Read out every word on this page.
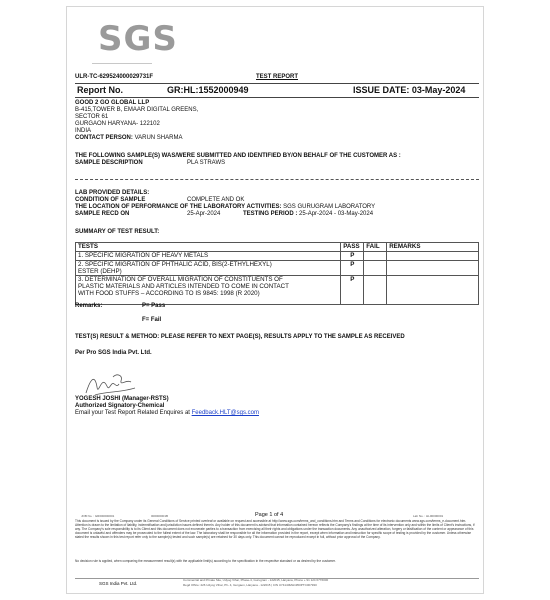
SGS
ULR-TC-629524000029731F	TEST REPORT
Report No.	GR:HL:1552000949	ISSUE DATE: 03-May-2024
GOOD 2 GO GLOBAL LLP
B-415,TOWER B, EMAAR DIGITAL GREENS,
SECTOR 61
GURGAON HARYANA- 122102
INDIA
CONTACT PERSON: VARUN SHARMA
THE FOLLOWING SAMPLE(S) WAS/WERE SUBMITTED AND IDENTIFIED BY/ON BEHALF OF THE CUSTOMER AS :
SAMPLE DESCRIPTION	PLA STRAWS
LAB PROVIDED DETAILS:
CONDITION OF SAMPLE	COMPLETE AND OK
THE LOCATION OF PERFORMANCE OF THE LABORATORY ACTIVITIES: SGS GURUGRAM LABORATORY
SAMPLE RECD ON	25-Apr-2024	TESTING PERIOD : 25-Apr-2024 - 03-May-2024
SUMMARY OF TEST RESULT:
TESTS	PASS	FAIL	REMARKS
1. SPECIFIC MIGRATION OF HEAVY METALS	P		
2. SPECIFIC MIGRATION OF PHTHALIC ACID, BIS(2-ETHYLHEXYL) ESTER (DEHP)	P		
3. DETERMINATION OF OVERALL MIGRATION OF CONSTITUENTS OF PLASTIC MATERIALS AND ARTICLES INTENDED TO COME IN CONTACT WITH FOOD STUFFS – ACCORDING TO IS 9845: 1998 (R 2020)	P		
Remarks:	P= Pass
F= Fail
TEST(S) RESULT & METHOD: PLEASE REFER TO NEXT PAGE(S), RESULTS APPLY TO THE SAMPLE AS RECEIVED
Per Pro SGS India Pvt. Ltd.
YOGESH JOSHI (Manager-RSTS)
Authorized Signatory-Chemical
Email your Test Report Related Enquires at Feedback.HLT@sgs.com
JOB No. : GR000000001	000000001B	Page 1 of 4	Lab No. : HL00000001
This document is issued by the Company under its General Conditions of Service printed overleaf or available on request and accessible at http://www.sgs.com/terms_and_conditions.htm and Terms and Conditions for electronic documents www.sgs.com/terms_e-document.htm. Attention is drawn to the limitation of liability, indemnification and jurisdiction issues defined therein. Any holder of this document is advised that information contained hereon reflects the Company's findings at the time of its intervention only and within the limits of Client's instructions, if any. The Company's sole responsibility is to its Client and this document does not exonerate parties to a transaction from exercising all their rights and obligations under the transaction documents. Any unauthorized alteration, forgery or falsification of the content or appearance of this document is unlawful and offenders may be prosecuted to the fullest extent of the law. The laboratory shall be responsible for all the information provided in the report, except when information and instruction for specific scope of testing is provided by the customer. Unless otherwise stated the results shown in this test report refer only to the sample(s) tested and such sample(s) are retained for 30 days only. This document cannot be reproduced except in full, without prior approval of the Company.
No decision rule is applied, when comparing the measurement result(s) with the applicable limit(s) according to the specification in the respective standard or as desired by the customer.
SGS India Pvt. Ltd.
Commercial and Private Site, Udyog Vihar, Phase-4, Gurugram - 122015, Haryana, Phone + 91 124 6776000
Regd Office: 226 Udyog Vihar, Ph- 4, Gurgaon, Haryana - 122015 | CIN U74140MH1950PTC007930
